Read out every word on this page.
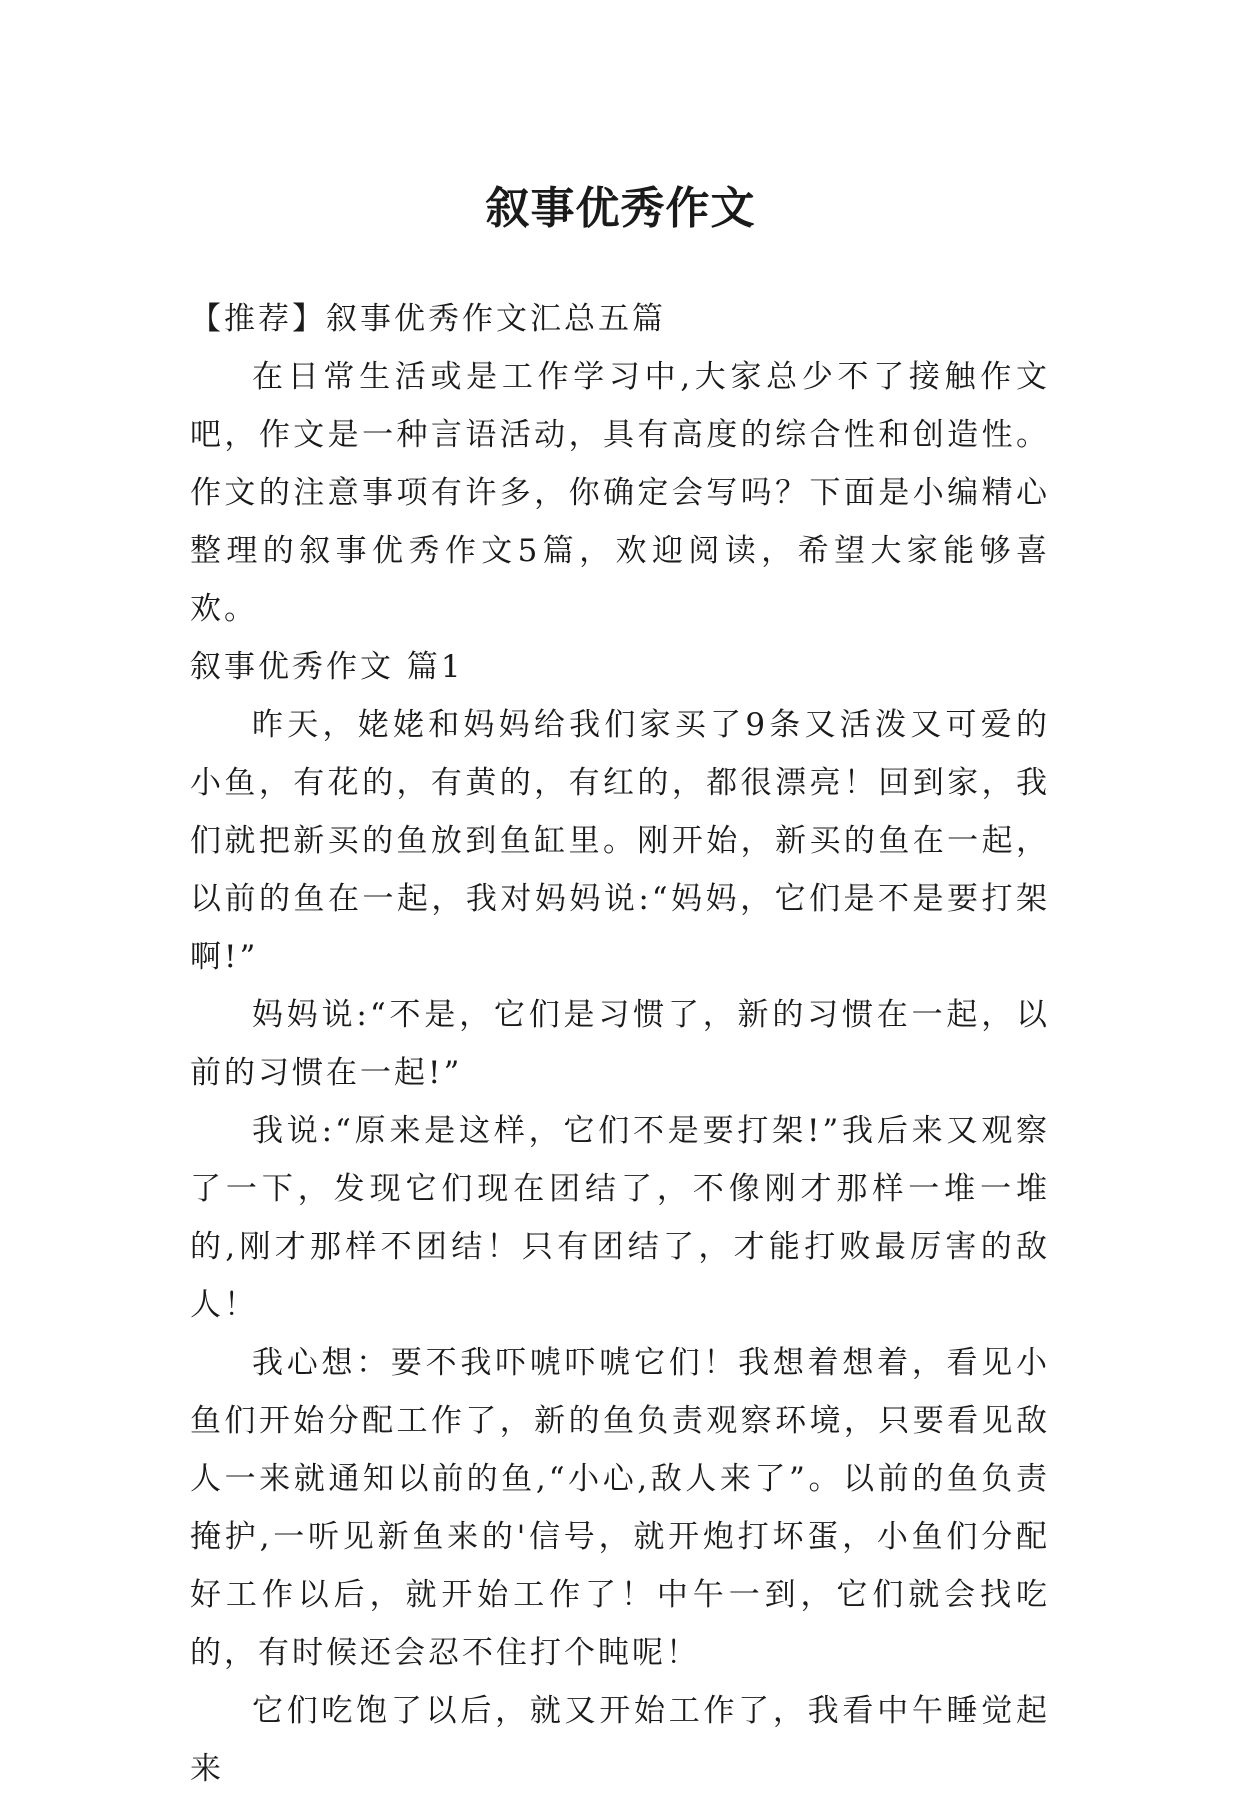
叙事优秀作文

【推荐】叙事优秀作文汇总五篇

在日常生活或是工作学习中,大家总少不了接触作文吧，作文是一种言语活动，具有高度的综合性和创造性。作文的注意事项有许多，你确定会写吗？下面是小编精心整理的叙事优秀作文5篇，欢迎阅读，希望大家能够喜欢。

叙事优秀作文 篇1

昨天，姥姥和妈妈给我们家买了9条又活泼又可爱的小鱼，有花的，有黄的，有红的，都很漂亮！回到家，我们就把新买的鱼放到鱼缸里。刚开始，新买的鱼在一起，以前的鱼在一起，我对妈妈说:“妈妈，它们是不是要打架啊!”

妈妈说:“不是，它们是习惯了，新的习惯在一起，以前的习惯在一起!”

我说:“原来是这样，它们不是要打架!”我后来又观察了一下，发现它们现在团结了，不像刚才那样一堆一堆的,刚才那样不团结！只有团结了，才能打败最厉害的敌人！

我心想：要不我吓唬吓唬它们！我想着想着，看见小鱼们开始分配工作了，新的鱼负责观察环境，只要看见敌人一来就通知以前的鱼,“小心,敌人来了”。以前的鱼负责掩护,一听见新鱼来的'信号，就开炮打坏蛋，小鱼们分配好工作以后，就开始工作了！中午一到，它们就会找吃的，有时候还会忍不住打个盹呢！

它们吃饱了以后，就又开始工作了，我看中午睡觉起来
